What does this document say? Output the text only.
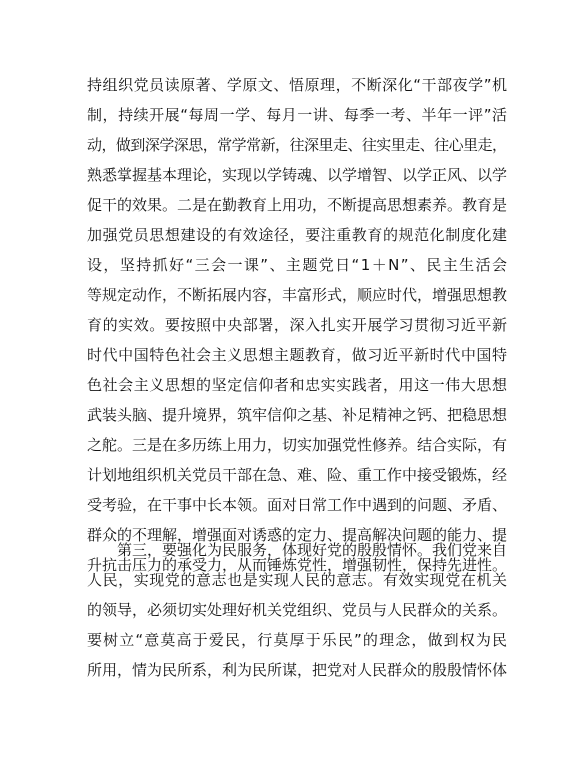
持组织党员读原著、学原文、悟原理，不断深化“干部夜学”机
制，持续开展“每周一学、每月一讲、每季一考、半年一评”活
动，做到深学深思，常学常新，往深里走、往实里走、往心里走，
熟悉掌握基本理论，实现以学铸魂、以学增智、以学正风、以学
促干的效果。二是在勤教育上用功，不断提高思想素养。教育是
加强党员思想建设的有效途径，要注重教育的规范化制度化建
设，坚持抓好“三会一课”、主题党日“1＋N”、民主生活会
等规定动作，不断拓展内容，丰富形式，顺应时代，增强思想教
育的实效。要按照中央部署，深入扎实开展学习贯彻习近平新
时代中国特色社会主义思想主题教育，做习近平新时代中国特
色社会主义思想的坚定信仰者和忠实实践者，用这一伟大思想
武装头脑、提升境界，筑牢信仰之基、补足精神之钙、把稳思想
之舵。三是在多历练上用力，切实加强党性修养。结合实际，有
计划地组织机关党员干部在急、难、险、重工作中接受锻炼，经
受考验，在干事中长本领。面对日常工作中遇到的问题、矛盾、
群众的不理解，增强面对诱惑的定力、提高解决问题的能力、提
升抗击压力的承受力，从而锤炼党性，增强韧性，保持先进性。
　　第三，要强化为民服务，体现好党的殷殷情怀。我们党来自
人民，实现党的意志也是实现人民的意志。有效实现党在机关
的领导，必须切实处理好机关党组织、党员与人民群众的关系。
要树立“意莫高于爱民，行莫厚于乐民”的理念，做到权为民
所用，情为民所系，利为民所谋，把党对人民群众的殷殷情怀体
